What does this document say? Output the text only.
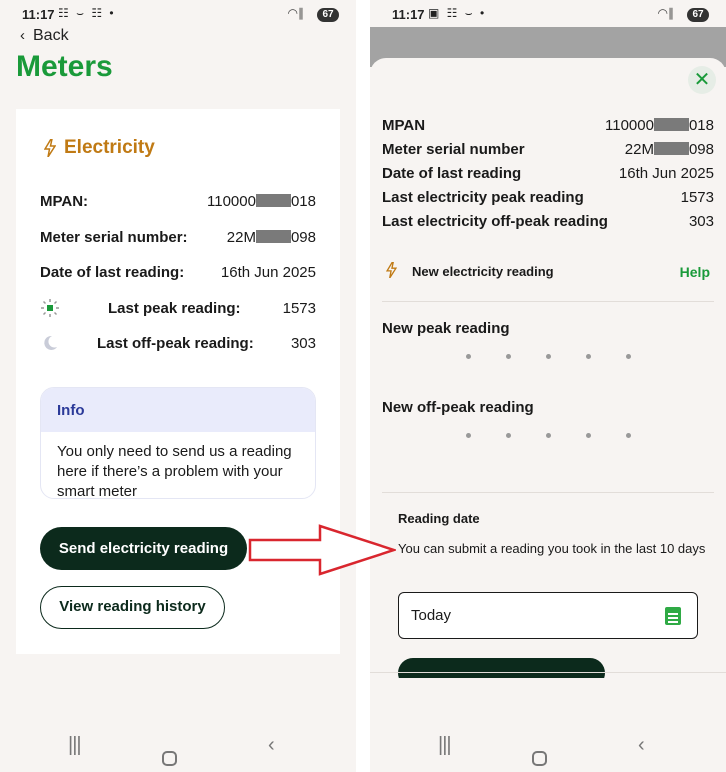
11:17 ☷ ⌣ ☷ •	◠∥	67
‹ Back
Meters
Electricity
MPAN:	110000 018
Meter serial number:	22M 098
Date of last reading: 16th Jun 2025
Last peak reading:	1573
Last off-peak reading: 303
Info
You only need to send us a reading here if there’s a problem with your smart meter
Send electricity reading
View reading history
|||	‹
11:17 ▣ ☷ ⌣ •	◠∥	67
✕
MPAN	110000 018
Meter serial number	22M 098
Date of last reading	16th Jun 2025
Last electricity peak reading	1573
Last electricity off-peak reading	303
New electricity reading	Help
New peak reading
New off-peak reading
Reading date
You can submit a reading you took in the last 10 days
Today
|||	‹
